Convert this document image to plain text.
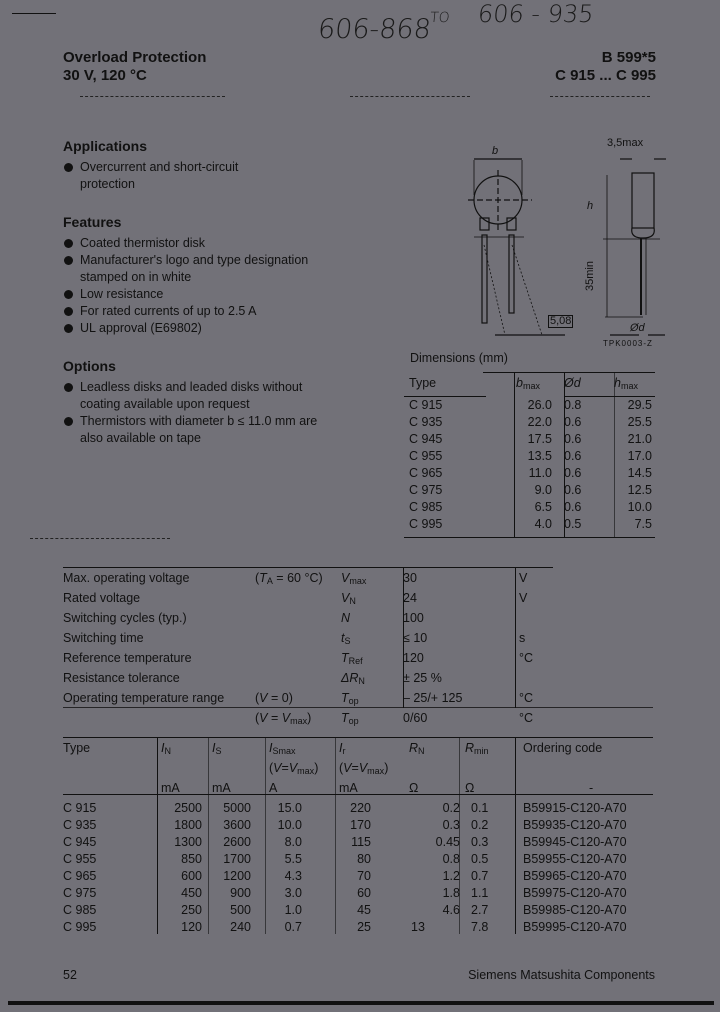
606-868
TO 606 - 935
Overload Protection
30 V, 120 °C
B 599*5
C 915 ... C 995
Applications
Overcurrent and short-circuit protection
Features
Coated thermistor disk
Manufacturer's logo and type designation stamped on in white
Low resistance
For rated currents of up to 2.5 A
UL approval (E69802)
Options
Leadless disks and leaded disks without coating available upon request
Thermistors with diameter b ≤ 11.0 mm are also available on tape
b
3,5max
h
35min
5,08
Ød
TPK0003-Z
Dimensions (mm)
Type	$b_{max}$	Ød	$h_{max}$
C 915	26.0	0.8	29.5
C 935	22.0	0.6	25.5
C 945	17.5	0.6	21.0
C 955	13.5	0.6	17.0
C 965	11.0	0.6	14.5
C 975	9.0	0.6	12.5
C 985	6.5	0.6	10.0
C 995	4.0	0.5	7.5
Max. operating voltage	($T_A = 60$ °C)	$V_{max}$	30	V
Rated voltage		$V_N$	24	V
Switching cycles (typ.)		N	100	
Switching time		$t_S$	≤ 10	s
Reference temperature		$T_{Ref}$	120	°C
Resistance tolerance		$\Delta R_N$	± 25 %	
Operating temperature range	(V = 0)	$T_{op}$	– 25/+ 125	°C
	$(V = V_{max})$	$T_{op}$	0/60	°C
Type	$I_N$	$I_S$	$I_{Smax}$	$I_r$	$R_N$	$R_{min}$	Ordering code
			$(V=V_{max})$	$(V=V_{max})$			
	mA	mA	A	mA	Ω	Ω	-
C 915	2500	5000	15.0	220	0.2	0.1	B59915-C120-A70
C 935	1800	3600	10.0	170	0.3	0.2	B59935-C120-A70
C 945	1300	2600	8.0	115	0.45	0.3	B59945-C120-A70
C 955	850	1700	5.5	80	0.8	0.5	B59955-C120-A70
C 965	600	1200	4.3	70	1.2	0.7	B59965-C120-A70
C 975	450	900	3.0	60	1.8	1.1	B59975-C120-A70
C 985	250	500	1.0	45	4.6	2.7	B59985-C120-A70
C 995	120	240	0.7	25	13	7.8	B59995-C120-A70
52	Siemens Matsushita Components
